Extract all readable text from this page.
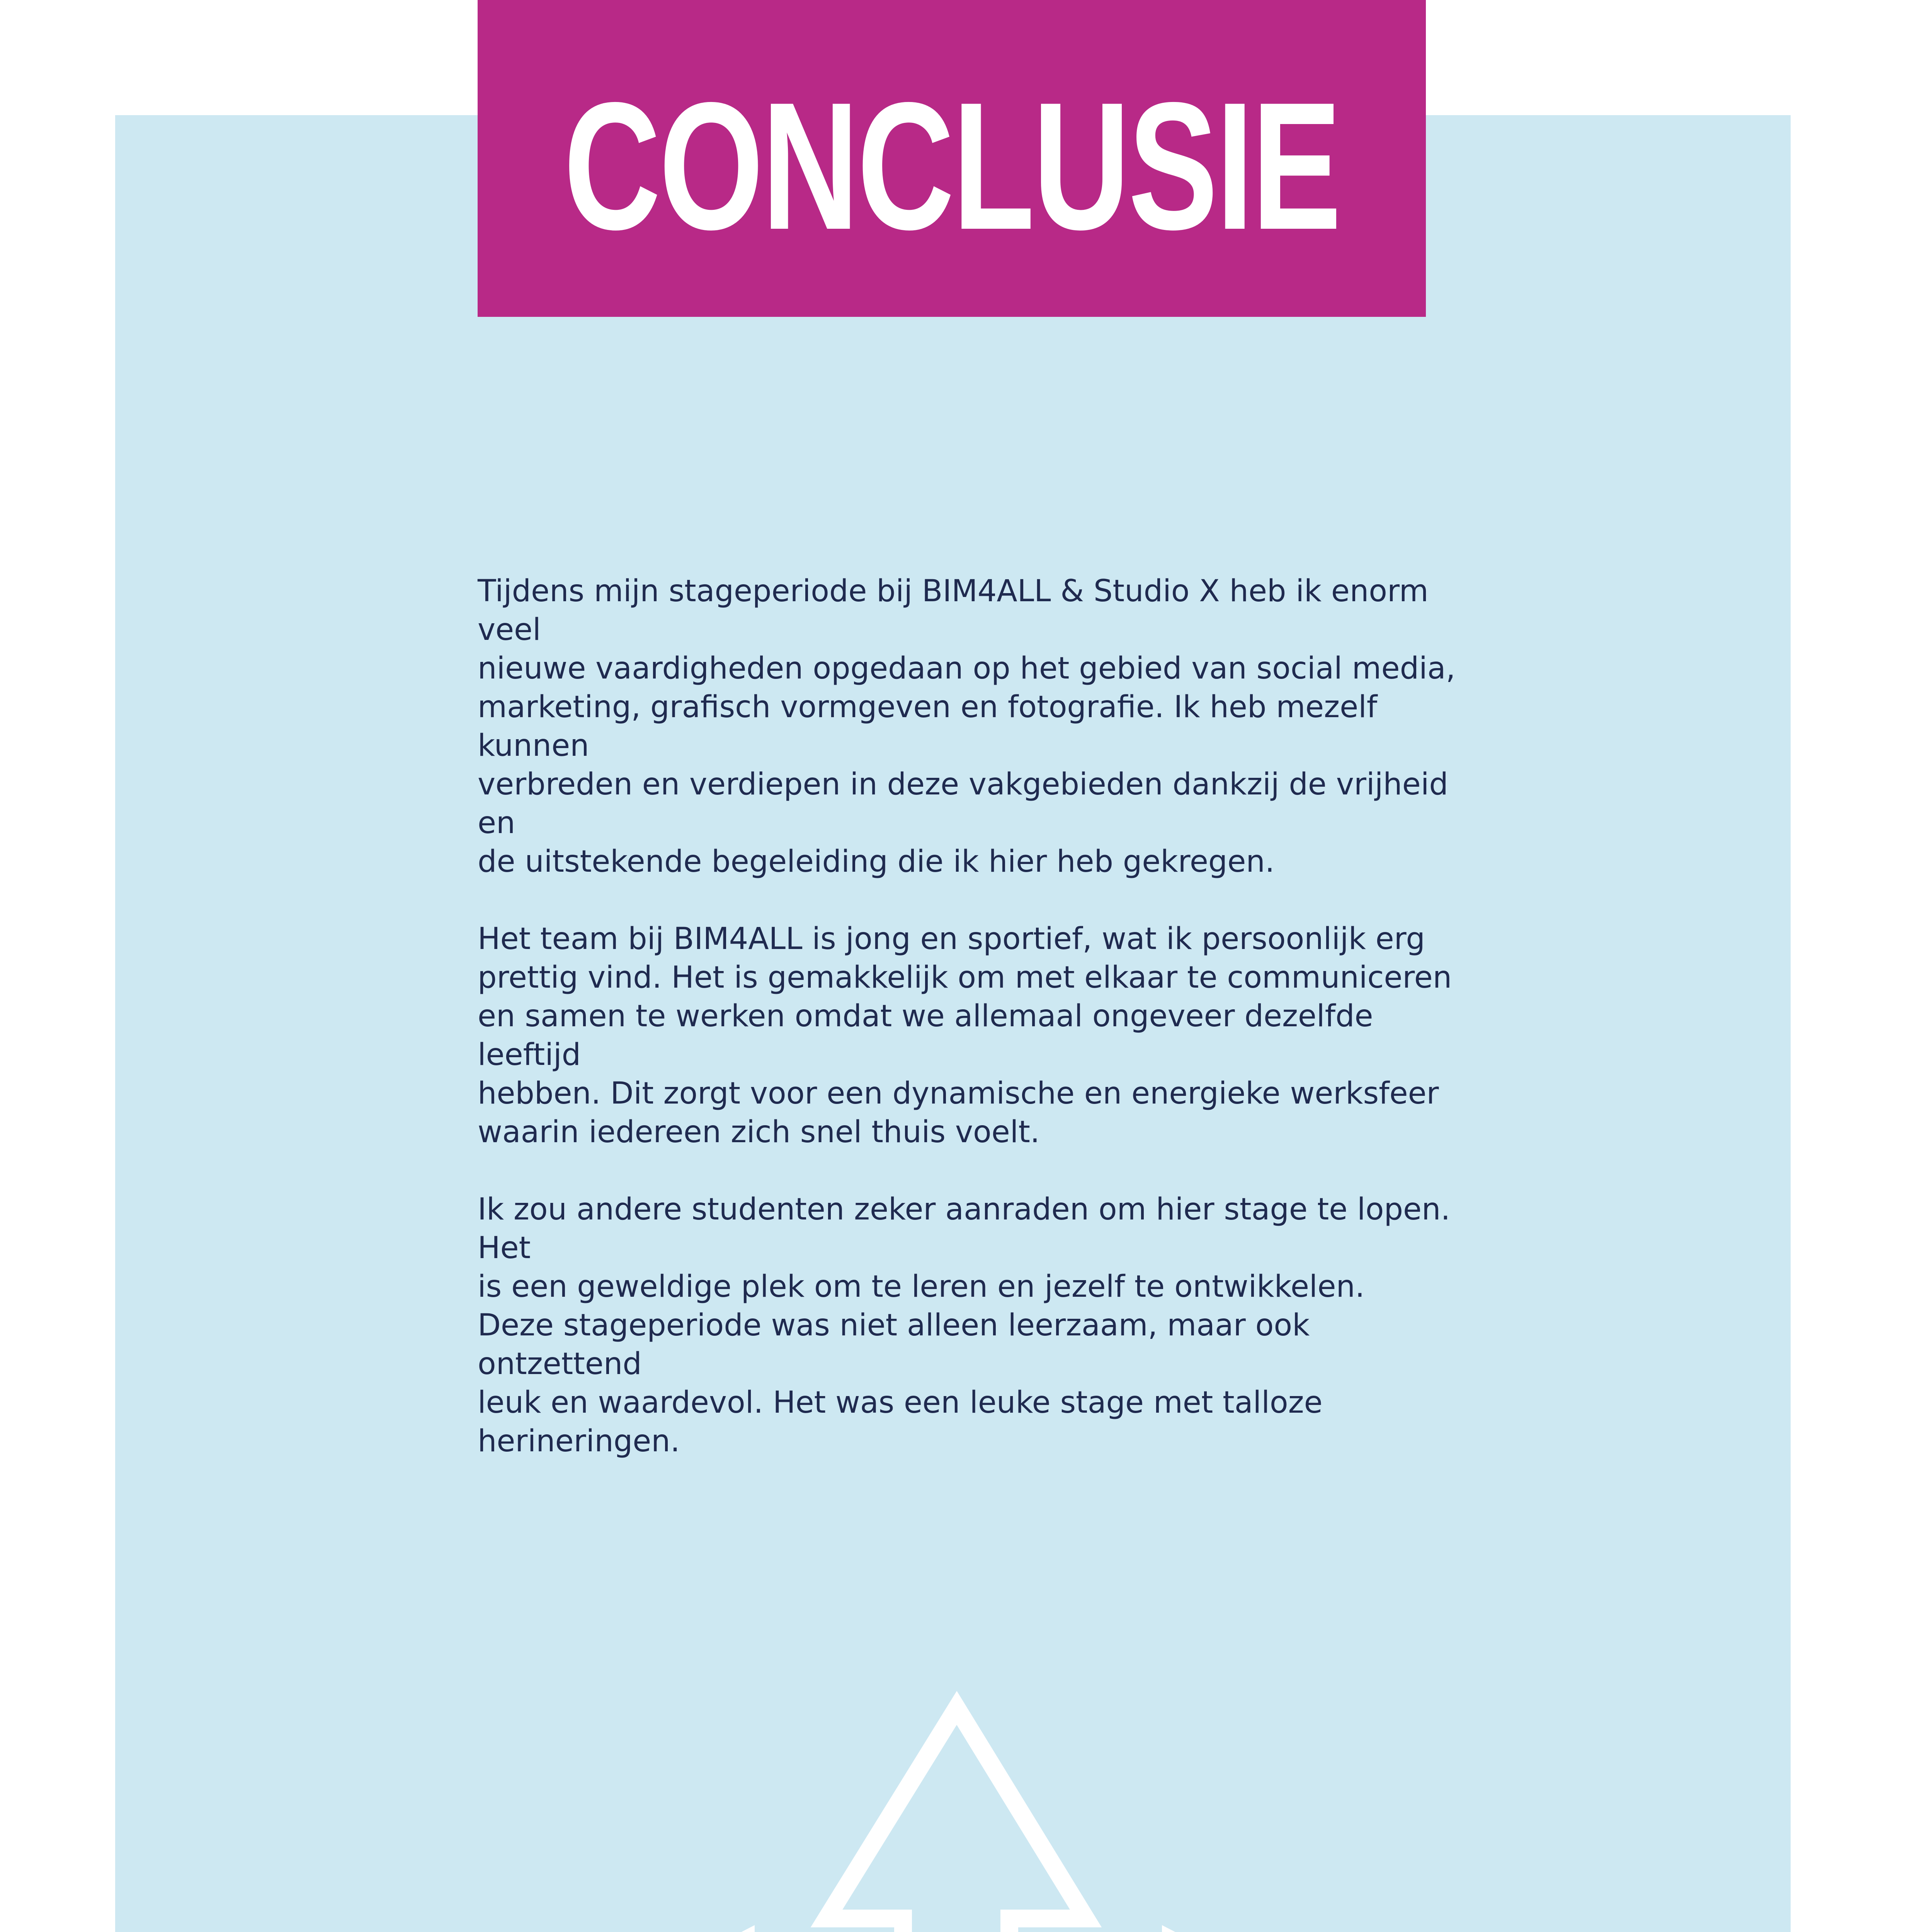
CONCLUSIE

Tijdens mijn stageperiode bij BIM4ALL & Studio X heb ik enorm veel
nieuwe vaardigheden opgedaan op het gebied van social media,
marketing, grafisch vormgeven en fotografie. Ik heb mezelf kunnen
verbreden en verdiepen in deze vakgebieden dankzij de vrijheid en
de uitstekende begeleiding die ik hier heb gekregen.

Het team bij BIM4ALL is jong en sportief, wat ik persoonlijk erg
prettig vind. Het is gemakkelijk om met elkaar te communiceren
en samen te werken omdat we allemaal ongeveer dezelfde leeftijd
hebben. Dit zorgt voor een dynamische en energieke werksfeer
waarin iedereen zich snel thuis voelt.

Ik zou andere studenten zeker aanraden om hier stage te lopen. Het
is een geweldige plek om te leren en jezelf te ontwikkelen.
Deze stageperiode was niet alleen leerzaam, maar ook ontzettend
leuk en waardevol. Het was een leuke stage met talloze
herineringen.
